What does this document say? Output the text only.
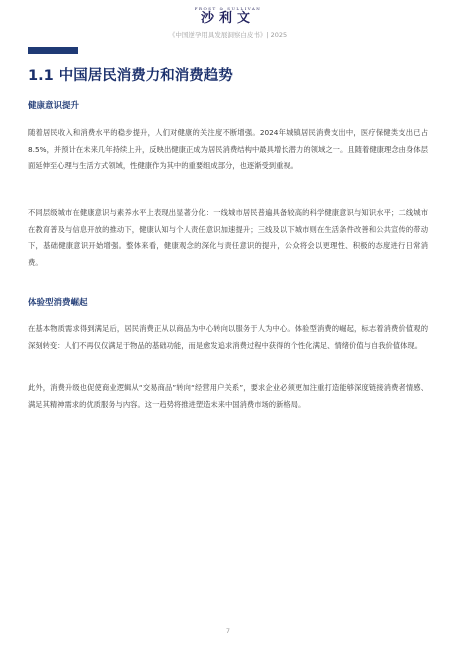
FROST & SULLIVAN
沙利文
《中国逆孕用具发展洞察白皮书》| 2025
1.1 中国居民消费力和消费趋势
健康意识提升

随着居民收入和消费水平的稳步提升，人们对健康的关注度不断增强。2024年城镇居民消费支出中，医疗保健类支出已占8.5%，并预计在未来几年持续上升，反映出健康正成为居民消费结构中最具增长潜力的领域之一。且随着健康理念由身体层面延伸至心理与生活方式领域，性健康作为其中的重要组成部分，也逐渐受到重视。

不同层级城市在健康意识与素养水平上表现出显著分化：一线城市居民普遍具备较高的科学健康意识与知识水平；二线城市在教育普及与信息开放的推动下，健康认知与个人责任意识加速提升；三线及以下城市则在生活条件改善和公共宣传的带动下，基础健康意识开始增强。整体来看，健康观念的深化与责任意识的提升，公众将会以更理性、积极的态度进行日常消费。

体验型消费崛起

在基本物质需求得到满足后，居民消费正从以商品为中心转向以服务于人为中心。体验型消费的崛起，标志着消费价值观的深刻转变：人们不再仅仅满足于物品的基础功能，而是愈发追求消费过程中获得的个性化满足、情绪价值与自我价值体现。

此外，消费升级也促使商业逻辑从“交易商品”转向“经营用户关系”，要求企业必须更加注重打造能够深度链接消费者情感、满足其精神需求的优质服务与内容。这一趋势将推进塑造未来中国消费市场的新格局。

7
